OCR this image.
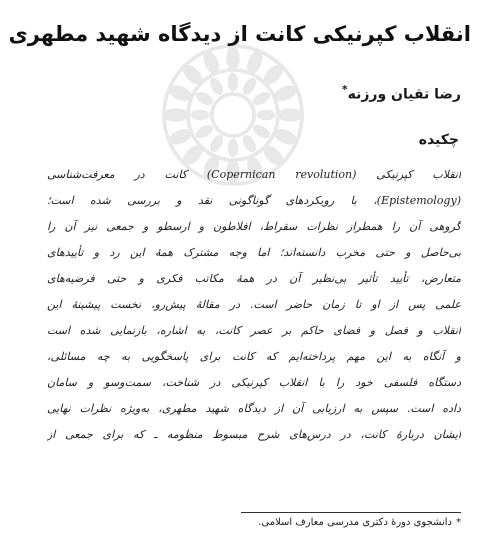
انقلاب کپرنیکی کانت از دیدگاه شهید مطهری
رضا تقیان ورزنه*
چکیده
انقلاب کپرنیکی (Copernican revolution) کانت در معرفت‌شناسی
(Epistemology)، با رویکردهای گوناگونی نقد و بررسی شده است؛
گروهی آن را همطراز نظرات سقراط، افلاطون و ارسطو و جمعی نیز آن را
بی‌حاصل و حتی مخرب دانسته‌اند؛ اما وجه مشترک همهٔ این رد و تأییدهای
متعارض، تأیید تأثیر بی‌نظیر آن در همهٔ مکاتب فکری و حتی فرضیه‌های
علمی پس از او تا زمان حاضر است. در مقالهٔ پیش‌رو، نخست پیشینهٔ این
انقلاب و فصل و فضای حاکم بر عصر کانت، به اشاره، بازنمایی شده است
و آنگاه به این مهم پرداخته‌ایم که کانت برای پاسخگویی به چه مسائلی،
دستگاه فلسفی خود را با انقلاب کپرنیکی در شناخت، سمت‌وسو و سامان
داده است. سپس به ارزیابی آن از دیدگاه شهید مطهری، به‌ویژه نظرات نهایی
ایشان دربارهٔ کانت، در درس‌های شرح مبسوط منظومه ـ که برای جمعی از
*دانشجوی دورهٔ دکتری مدرسی معارف اسلامی.
